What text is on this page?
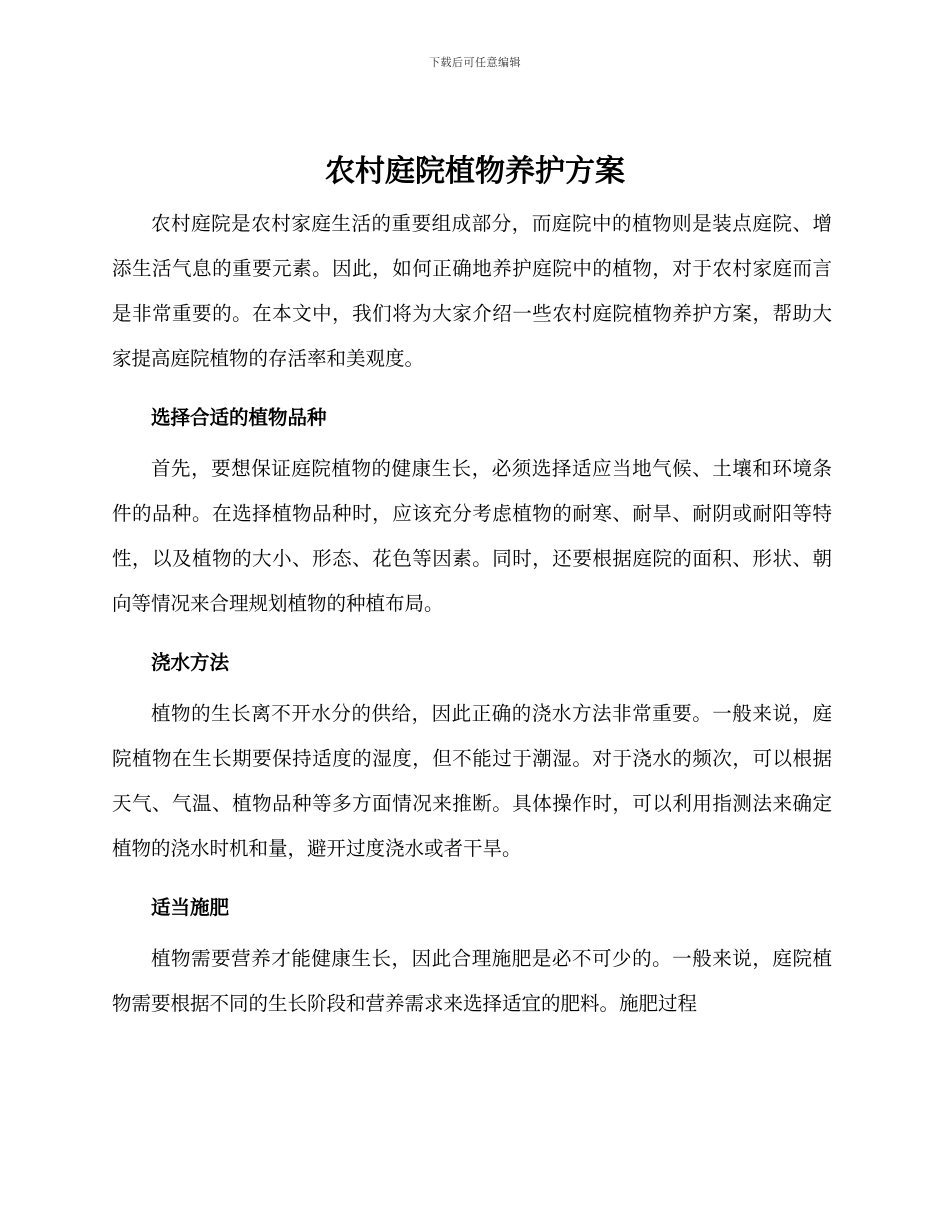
下载后可任意编辑
农村庭院植物养护方案

农村庭院是农村家庭生活的重要组成部分，而庭院中的植物则是装点庭院、增添生活气息的重要元素。因此，如何正确地养护庭院中的植物，对于农村家庭而言是非常重要的。在本文中，我们将为大家介绍一些农村庭院植物养护方案，帮助大家提高庭院植物的存活率和美观度。

选择合适的植物品种

首先，要想保证庭院植物的健康生长，必须选择适应当地气候、土壤和环境条件的品种。在选择植物品种时，应该充分考虑植物的耐寒、耐旱、耐阴或耐阳等特性，以及植物的大小、形态、花色等因素。同时，还要根据庭院的面积、形状、朝向等情况来合理规划植物的种植布局。

浇水方法

植物的生长离不开水分的供给，因此正确的浇水方法非常重要。一般来说，庭院植物在生长期要保持适度的湿度，但不能过于潮湿。对于浇水的频次，可以根据天气、气温、植物品种等多方面情况来推断。具体操作时，可以利用指测法来确定植物的浇水时机和量，避开过度浇水或者干旱。

适当施肥

植物需要营养才能健康生长，因此合理施肥是必不可少的。一般来说，庭院植物需要根据不同的生长阶段和营养需求来选择适宜的肥料。施肥过程
